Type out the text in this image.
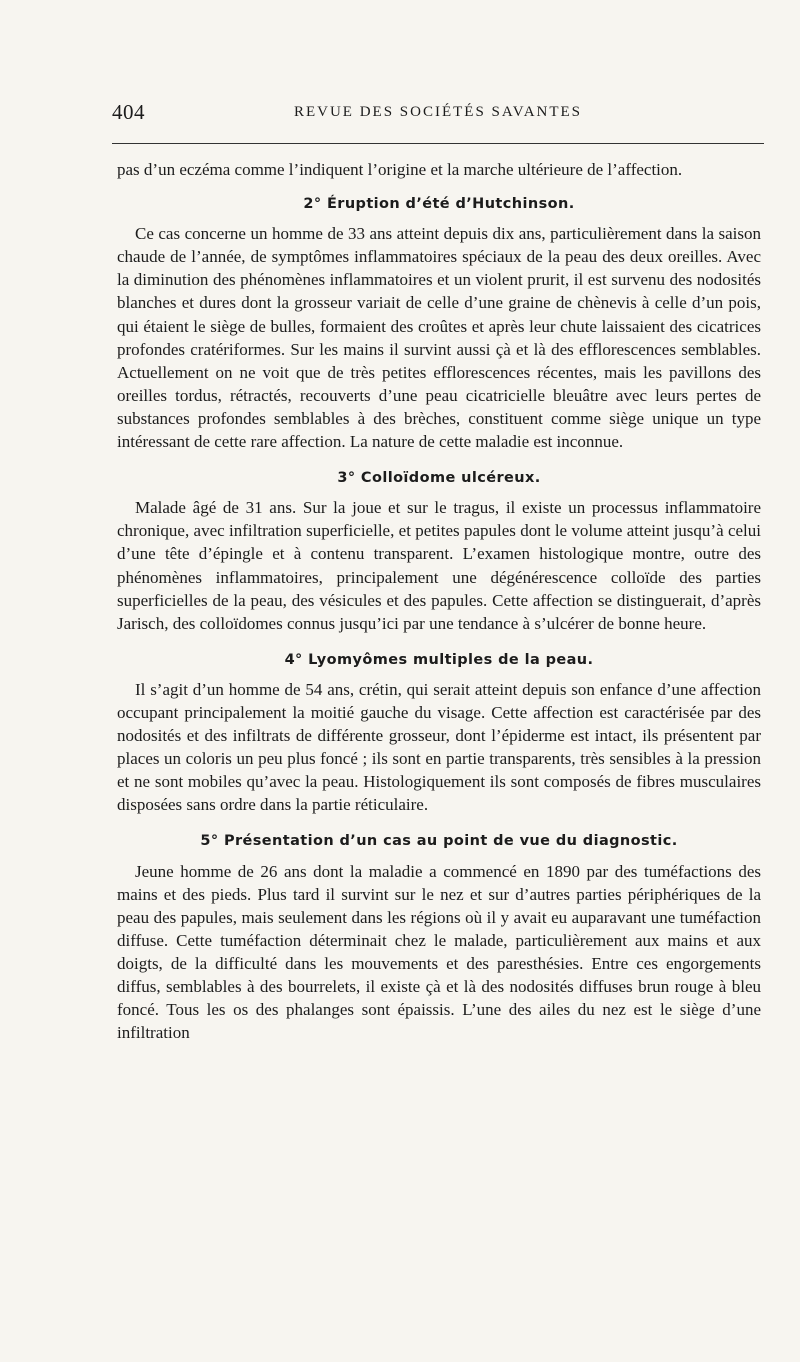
404	REVUE DES SOCIÉTÉS SAVANTES

pas d’un eczéma comme l’indiquent l’origine et la marche ultérieure de l’affection.

2° Éruption d’été d’Hutchinson.

Ce cas concerne un homme de 33 ans atteint depuis dix ans, particulièrement dans la saison chaude de l’année, de symptômes inflammatoires spéciaux de la peau des deux oreilles. Avec la diminution des phénomènes inflammatoires et un violent prurit, il est survenu des nodosités blanches et dures dont la grosseur variait de celle d’une graine de chènevis à celle d’un pois, qui étaient le siège de bulles, formaient des croûtes et après leur chute laissaient des cicatrices profondes cratériformes. Sur les mains il survint aussi çà et là des efflorescences semblables. Actuellement on ne voit que de très petites efflorescences récentes, mais les pavillons des oreilles tordus, rétractés, recouverts d’une peau cicatricielle bleuâtre avec leurs pertes de substances profondes semblables à des brèches, constituent comme siège unique un type intéressant de cette rare affection. La nature de cette maladie est inconnue.

3° Colloïdome ulcéreux.

Malade âgé de 31 ans. Sur la joue et sur le tragus, il existe un processus inflammatoire chronique, avec infiltration superficielle, et petites papules dont le volume atteint jusqu’à celui d’une tête d’épingle et à contenu transparent. L’examen histologique montre, outre des phénomènes inflammatoires, principalement une dégénérescence colloïde des parties superficielles de la peau, des vésicules et des papules. Cette affection se distinguerait, d’après Jarisch, des colloïdomes connus jusqu’ici par une tendance à s’ulcérer de bonne heure.

4° Lyomyômes multiples de la peau.

Il s’agit d’un homme de 54 ans, crétin, qui serait atteint depuis son enfance d’une affection occupant principalement la moitié gauche du visage. Cette affection est caractérisée par des nodosités et des infiltrats de différente grosseur, dont l’épiderme est intact, ils présentent par places un coloris un peu plus foncé ; ils sont en partie transparents, très sensibles à la pression et ne sont mobiles qu’avec la peau. Histologiquement ils sont composés de fibres musculaires disposées sans ordre dans la partie réticulaire.

5° Présentation d’un cas au point de vue du diagnostic.

Jeune homme de 26 ans dont la maladie a commencé en 1890 par des tuméfactions des mains et des pieds. Plus tard il survint sur le nez et sur d’autres parties périphériques de la peau des papules, mais seulement dans les régions où il y avait eu auparavant une tuméfaction diffuse. Cette tuméfaction déterminait chez le malade, particulièrement aux mains et aux doigts, de la difficulté dans les mouvements et des paresthésies. Entre ces engorgements diffus, semblables à des bourrelets, il existe çà et là des nodosités diffuses brun rouge à bleu foncé. Tous les os des phalanges sont épaissis. L’une des ailes du nez est le siège d’une infiltration
